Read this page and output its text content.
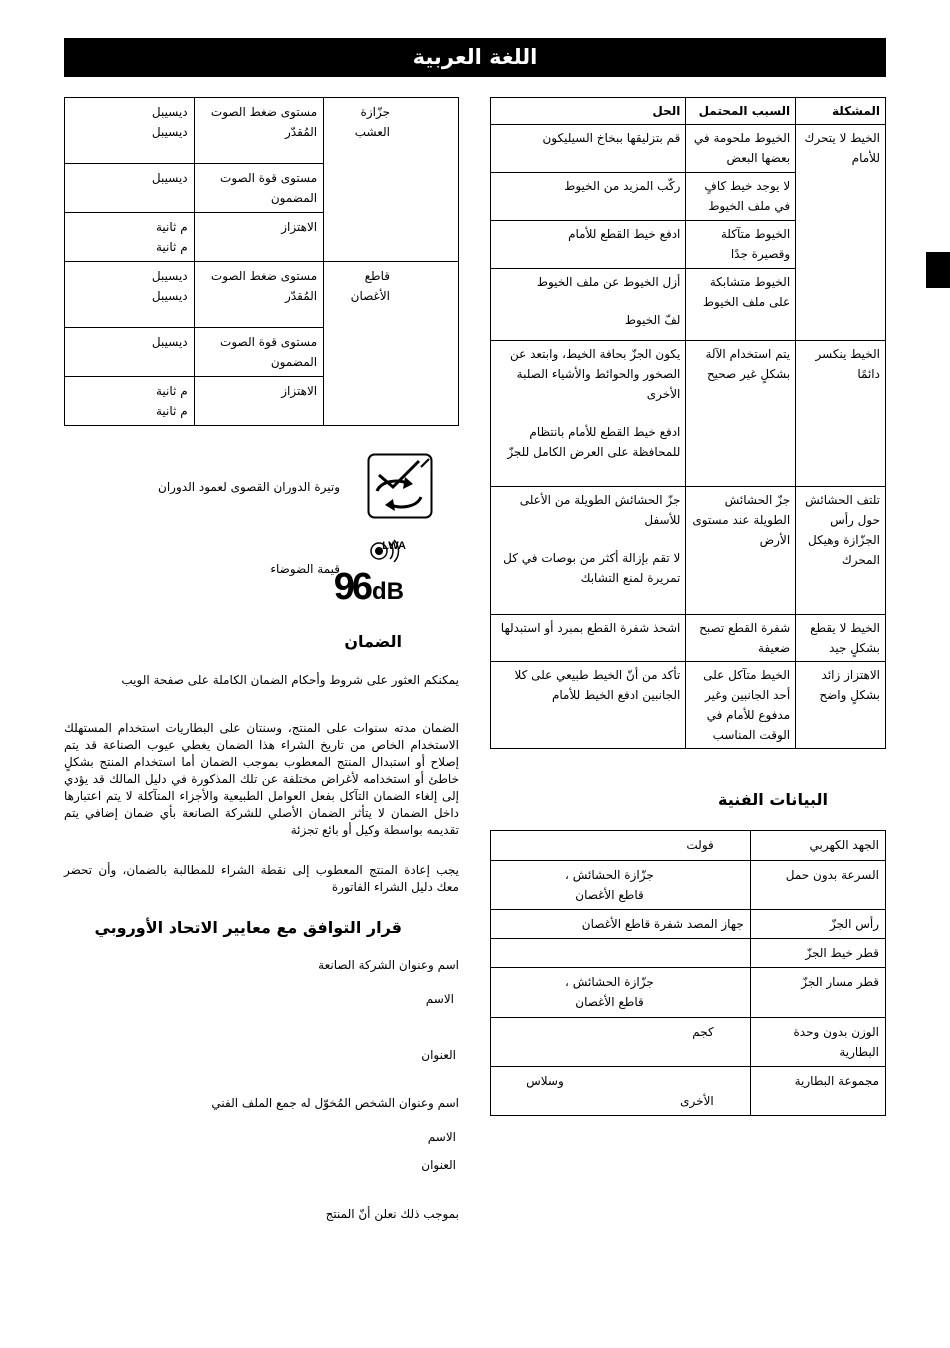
اللغة العربية
المشكلة	السبب المحتمل	الحل
الخيط لا يتحرك للأمام	الخيوط ملحومة في بعضها البعض	قم بتزليقها ببخاخ السيليكون
	لا يوجد خيط كافٍ في ملف الخيوط	ركّب المزيد من الخيوط
	الخيوط متآكلة وقصيرة جدًا	ادفع خيط القطع للأمام
	الخيوط متشابكة على ملف الخيوط	أزل الخيوط عن ملف الخيوط
لفّ الخيوط

الخيط ينكسر دائمًا	يتم استخدام الآلة بشكلٍ غير صحيح	يكون الجزّ بحافة الخيط، وابتعد عن الصخور والحوائط والأشياء الصلبة الأخرى
ادفع خيط القطع للأمام بانتظام للمحافظة على العرض الكامل للجزّ

تلتف الحشائش حول رأس الجزّازة وهيكل المحرك	جزّ الحشائش الطويلة عند مستوى الأرض	جزّ الحشائش الطويلة من الأعلى للأسفل
لا تقم بإزالة أكثر من بوصات في كل تمريرة لمنع التشابك

الخيط لا يقطع بشكلٍ جيد	شفرة القطع تصبح ضعيفة	اشحذ شفرة القطع بمبرد أو استبدلها
الاهتزاز زائد بشكلٍ واضح	الخيط متآكل على أحد الجانبين وغير مدفوع للأمام في الوقت المناسب	تأكد من أنّ الخيط طبيعي على كلا الجانبين ادفع الخيط للأمام
جزّازة العشب	مستوى ضغط الصوت المُقدّر	ديسيبل
ديسيبل

	مستوى قوة الصوت المضمون	ديسيبل

	الاهتزاز	م ثانية
م ثانية

قاطع الأغصان	مستوى ضغط الصوت المُقدّر	ديسيبل
ديسيبل

	مستوى قوة الصوت المضمون	ديسيبل

	الاهتزاز	م ثانية
م ثانية
وتيرة الدوران القصوى لعمود الدوران
LWA
96 dB
قيمة الضوضاء
الضمان
يمكنكم العثور على شروط وأحكام الضمان الكاملة على صفحة الويب
الضمان مدته سنوات على المنتج، وسنتان على البطاريات استخدام المستهلك الاستخدام الخاص من تاريخ الشراء هذا الضمان يغطي عيوب الصناعة قد يتم إصلاح أو استبدال المنتج المعطوب بموجب الضمان أما استخدام المنتج بشكلٍ خاطئ أو استخدامه لأغراض مختلفة عن تلك المذكورة في دليل المالك قد يؤدي إلى إلغاء الضمان التآكل بفعل العوامل الطبيعية والأجزاء المتآكلة لا يتم اعتبارها داخل الضمان لا يتأثر الضمان الأصلي للشركة الصانعة بأي ضمان إضافي يتم تقديمه بواسطة وكيل أو بائع تجزئة
يجب إعادة المنتج المعطوب إلى نقطة الشراء للمطالبة بالضمان، وأن تحضر معك دليل الشراء الفاتورة
قرار التوافق مع معايير الاتحاد الأوروبي
اسم وعنوان الشركة الصانعة
الاسم
العنوان
اسم وعنوان الشخص المُخوّل له جمع الملف الفني
الاسم
العنوان
بموجب ذلك نعلن أنّ المنتج
البيانات الفنية
الجهد الكهربي	فولت

السرعة بدون حمل	جزّازة الحشائش ،
قاطع الأغصان

رأس الجزّ	جهاز المصد شفرة قاطع الأغصان
قطر خيط الجزّ	
قطر مسار الجزّ	جزّازة الحشائش ،
قاطع الأغصان

الوزن بدون وحدة البطارية	كجم

مجموعة البطارية	وسلاس
الأخرى
